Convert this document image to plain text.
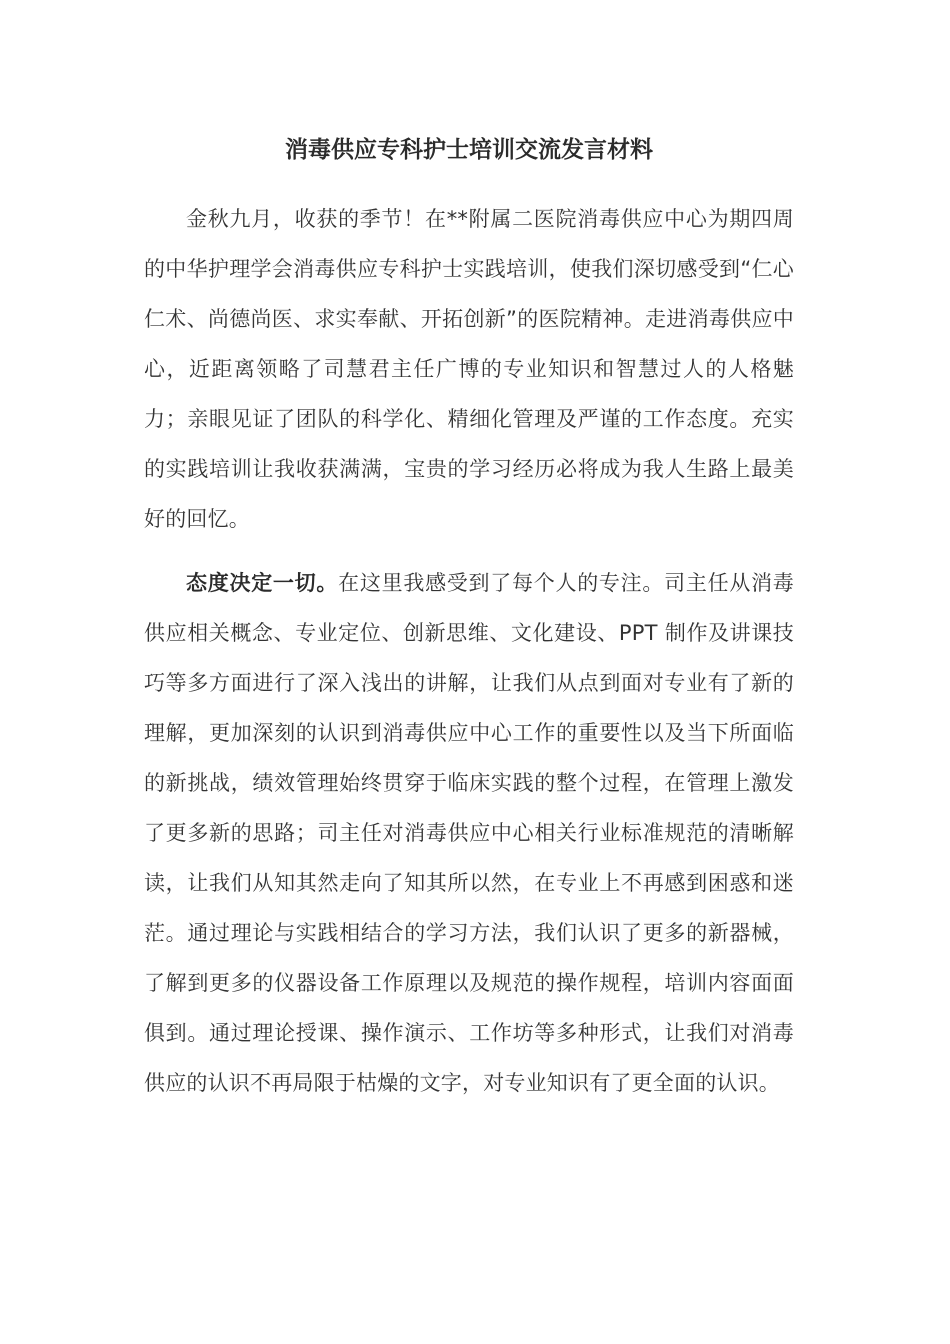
消毒供应专科护士培训交流发言材料

金秋九月，收获的季节！在**附属二医院消毒供应中心为期四周的中华护理学会消毒供应专科护士实践培训，使我们深切感受到“仁心仁术、尚德尚医、求实奉献、开拓创新”的医院精神。走进消毒供应中心，近距离领略了司慧君主任广博的专业知识和智慧过人的人格魅力；亲眼见证了团队的科学化、精细化管理及严谨的工作态度。充实的实践培训让我收获满满，宝贵的学习经历必将成为我人生路上最美好的回忆。

态度决定一切。在这里我感受到了每个人的专注。司主任从消毒供应相关概念、专业定位、创新思维、文化建设、PPT 制作及讲课技巧等多方面进行了深入浅出的讲解，让我们从点到面对专业有了新的理解，更加深刻的认识到消毒供应中心工作的重要性以及当下所面临的新挑战，绩效管理始终贯穿于临床实践的整个过程，在管理上激发了更多新的思路；司主任对消毒供应中心相关行业标准规范的清晰解读，让我们从知其然走向了知其所以然，在专业上不再感到困惑和迷茫。通过理论与实践相结合的学习方法，我们认识了更多的新器械，了解到更多的仪器设备工作原理以及规范的操作规程，培训内容面面俱到。通过理论授课、操作演示、工作坊等多种形式，让我们对消毒供应的认识不再局限于枯燥的文字，对专业知识有了更全面的认识。
